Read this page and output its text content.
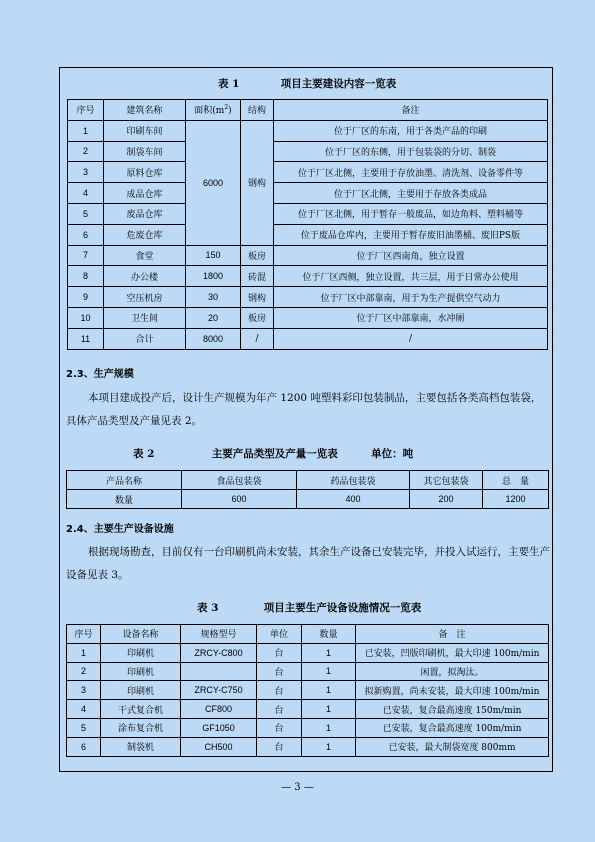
表 1	项目主要建设内容一览表
序号	建筑名称	面积$(m^2)$	结构	备注
1	印刷车间	6000	钢构	位于厂区的东南，用于各类产品的印刷
2	制袋车间			位于厂区的东侧，用于包装袋的分切、制袋
3	原料仓库			位于厂区北侧，主要用于存放油墨、清洗剂、设备零件等
4	成品仓库			位于厂区北侧，主要用于存放各类成品
5	废品仓库			位于厂区北侧，用于暂存一般废品，如边角料、塑料桶等
6	危废仓库			位于废品仓库内，主要用于暂存废旧油墨桶、废旧PS版
7	食堂	150	板房	位于厂区西南角，独立设置
8	办公楼	1800	砖混	位于厂区西侧，独立设置，共三层，用于日常办公使用
9	空压机房	30	钢构	位于厂区中部靠南，用于为生产提供空气动力
10	卫生间	20	板房	位于厂区中部靠南，水冲厕
11	合计	8000	/	/
2.3、生产规模
本项目建成投产后，设计生产规模为年产 1200 吨塑料彩印包装制品，主要包括各类高档包装袋，具体产品类型及产量见表 2。
表 2	主要产品类型及产量一览表	单位：吨
产品名称	食品包装袋	药品包装袋	其它包装袋	总　量
数量	600	400	200	1200
2.4、主要生产设备设施
根据现场勘查，目前仅有一台印刷机尚未安装，其余生产设备已安装完毕，并投入试运行，主要生产设备见表 3。
表 3	项目主要生产设备设施情况一览表
序号	设备名称	规格型号	单位	数量	备　注
1	印刷机	ZRCY-C800	台	1	已安装，凹版印刷机，最大印速 100m/min
2	印刷机		台	1	闲置，拟淘汰。
3	印刷机	ZRCY-C750	台	1	拟新购置，尚未安装，最大印速 100m/min
4	干式复合机	CF800	台	1	已安装，复合最高速度 150m/min
5	涂布复合机	GF1050	台	1	已安装，复合最高速度 100m/min
6	制袋机	CH500	台	1	已安装，最大制袋宽度 800mm
— 3 —
